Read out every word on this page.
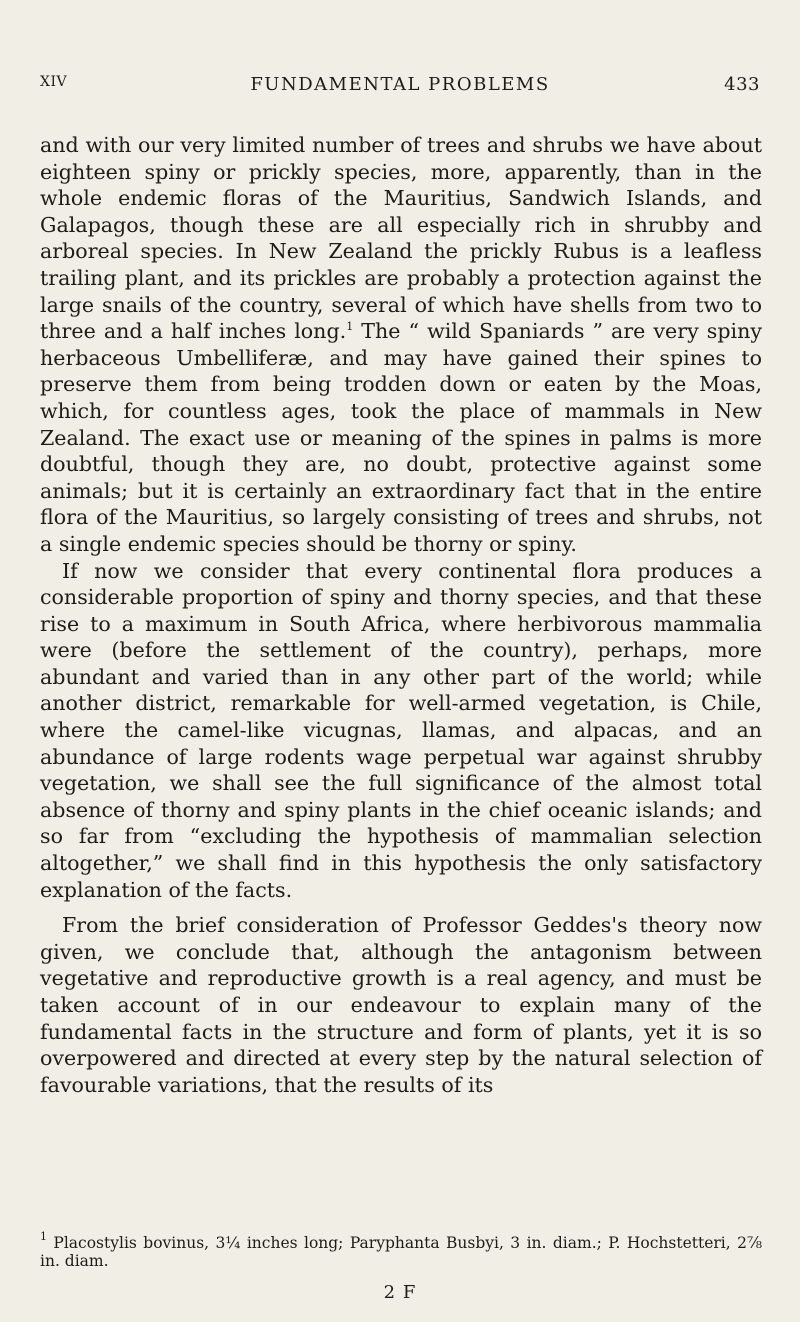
XIV	FUNDAMENTAL PROBLEMS	433

and with our very limited number of trees and shrubs we have about eighteen spiny or prickly species, more, apparently, than in the whole endemic floras of the Mauritius, Sandwich Islands, and Galapagos, though these are all especially rich in shrubby and arboreal species. In New Zealand the prickly Rubus is a leafless trailing plant, and its prickles are probably a protection against the large snails of the country, several of which have shells from two to three and a half inches long.$^1$ The “ wild Spaniards ” are very spiny herbaceous Umbelliferæ, and may have gained their spines to preserve them from being trodden down or eaten by the Moas, which, for countless ages, took the place of mammals in New Zealand. The exact use or meaning of the spines in palms is more doubtful, though they are, no doubt, protective against some animals; but it is certainly an extraordinary fact that in the entire flora of the Mauritius, so largely consisting of trees and shrubs, not a single endemic species should be thorny or spiny.

If now we consider that every continental flora produces a considerable proportion of spiny and thorny species, and that these rise to a maximum in South Africa, where herbivorous mammalia were (before the settlement of the country), perhaps, more abundant and varied than in any other part of the world; while another district, remarkable for well-armed vegetation, is Chile, where the camel-like vicugnas, llamas, and alpacas, and an abundance of large rodents wage perpetual war against shrubby vegetation, we shall see the full significance of the almost total absence of thorny and spiny plants in the chief oceanic islands; and so far from “excluding the hypothesis of mammalian selection altogether,” we shall find in this hypothesis the only satisfactory explanation of the facts.

From the brief consideration of Professor Geddes's theory now given, we conclude that, although the antagonism between vegetative and reproductive growth is a real agency, and must be taken account of in our endeavour to explain many of the fundamental facts in the structure and form of plants, yet it is so overpowered and directed at every step by the natural selection of favourable variations, that the results of its

$^1$ Placostylis bovinus, 3¼ inches long; Paryphanta Busbyi, 3 in. diam.; P. Hochstetteri, 2⅞ in. diam.
2 F
